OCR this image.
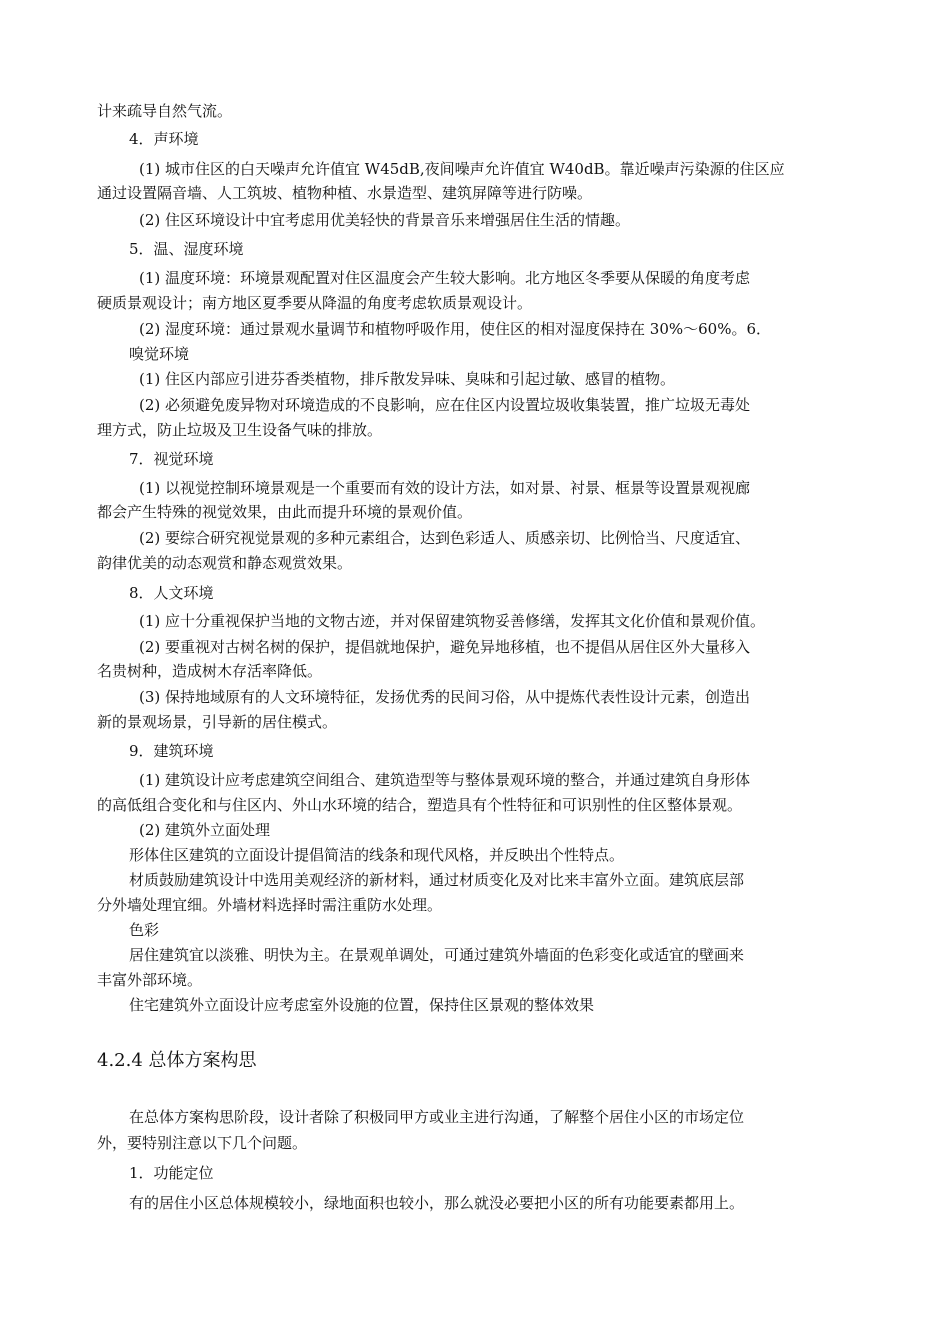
计来疏导自然气流。

4．声环境

(1) 城市住区的白天噪声允许值宜 W45dB,夜间噪声允许值宜 W40dB。靠近噪声污染源的住区应

通过设置隔音墙、人工筑坡、植物种植、水景造型、建筑屏障等进行防噪。

(2) 住区环境设计中宜考虑用优美轻快的背景音乐来增强居住生活的情趣。

5．温、湿度环境

(1) 温度环境：环境景观配置对住区温度会产生较大影响。北方地区冬季要从保暖的角度考虑

硬质景观设计；南方地区夏季要从降温的角度考虑软质景观设计。

(2) 湿度环境：通过景观水量调节和植物呼吸作用，使住区的相对湿度保持在 30%〜60%。6．

嗅觉环境

(1) 住区内部应引进芬香类植物，排斥散发异味、臭味和引起过敏、感冒的植物。

(2) 必须避免废异物对环境造成的不良影响，应在住区内设置垃圾收集装置，推广垃圾无毒处

理方式，防止垃圾及卫生设备气味的排放。

7．视觉环境

(1) 以视觉控制环境景观是一个重要而有效的设计方法，如对景、衬景、框景等设置景观视廊

都会产生特殊的视觉效果，由此而提升环境的景观价值。

(2) 要综合研究视觉景观的多种元素组合，达到色彩适人、质感亲切、比例恰当、尺度适宜、

韵律优美的动态观赏和静态观赏效果。

8．人文环境

(1) 应十分重视保护当地的文物古迹，并对保留建筑物妥善修缮，发挥其文化价值和景观价值。

(2) 要重视对古树名树的保护，提倡就地保护，避免异地移植，也不提倡从居住区外大量移入

名贵树种，造成树木存活率降低。

(3) 保持地域原有的人文环境特征，发扬优秀的民间习俗，从中提炼代表性设计元素，创造出

新的景观场景，引导新的居住模式。

9．建筑环境

(1) 建筑设计应考虑建筑空间组合、建筑造型等与整体景观环境的整合，并通过建筑自身形体

的高低组合变化和与住区内、外山水环境的结合，塑造具有个性特征和可识别性的住区整体景观。

(2) 建筑外立面处理

形体住区建筑的立面设计提倡简洁的线条和现代风格，并反映出个性特点。

材质鼓励建筑设计中选用美观经济的新材料，通过材质变化及对比来丰富外立面。建筑底层部

分外墙处理宜细。外墙材料选择时需注重防水处理。

色彩

居住建筑宜以淡雅、明快为主。在景观单调处，可通过建筑外墙面的色彩变化或适宜的壁画来

丰富外部环境。

住宅建筑外立面设计应考虑室外设施的位置，保持住区景观的整体效果

4.2.4 总体方案构思

在总体方案构思阶段，设计者除了积极同甲方或业主进行沟通，了解整个居住小区的市场定位

外，要特别注意以下几个问题。

1．功能定位

有的居住小区总体规模较小，绿地面积也较小，那么就没必要把小区的所有功能要素都用上。
